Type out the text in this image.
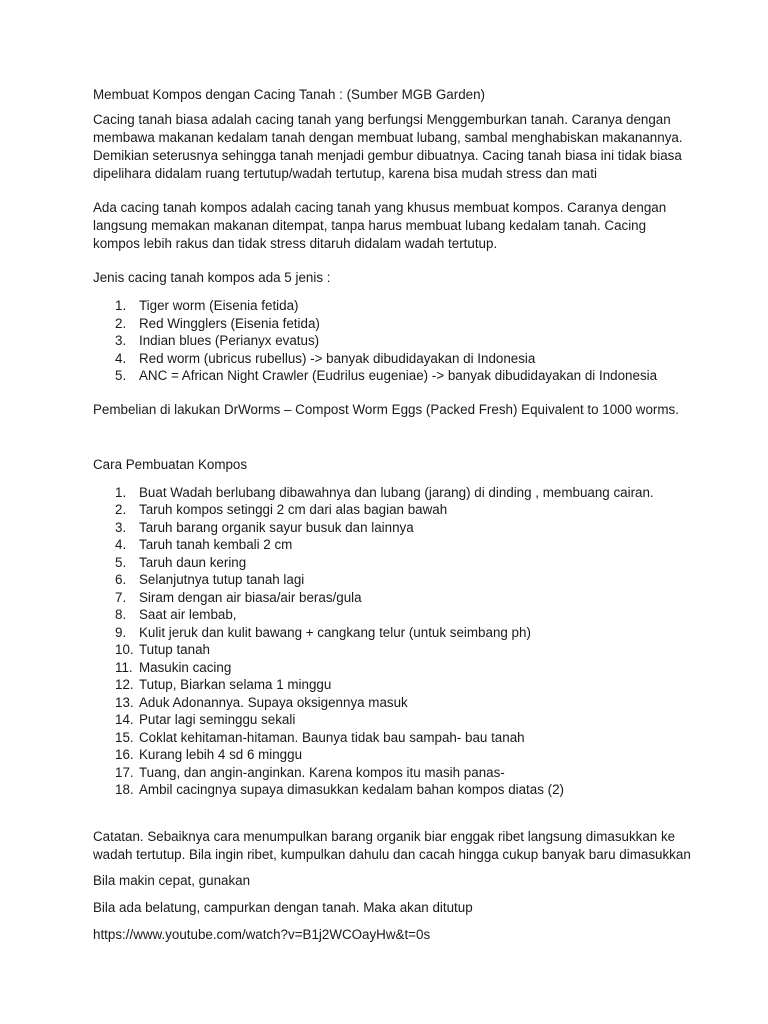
Membuat Kompos dengan Cacing Tanah : (Sumber MGB Garden)
Cacing tanah biasa adalah cacing tanah yang berfungsi Menggemburkan tanah. Caranya dengan
membawa makanan kedalam tanah dengan membuat lubang, sambal menghabiskan makanannya.
Demikian seterusnya sehingga tanah menjadi gembur dibuatnya. Cacing tanah biasa ini tidak biasa
dipelihara didalam ruang tertutup/wadah tertutup, karena bisa mudah stress dan mati
Ada cacing tanah kompos adalah cacing tanah yang khusus membuat kompos. Caranya dengan
langsung memakan makanan ditempat, tanpa harus membuat lubang kedalam tanah. Cacing
kompos lebih rakus dan tidak stress ditaruh didalam wadah tertutup.
Jenis cacing tanah kompos ada 5 jenis :
1. Tiger worm (Eisenia fetida)
2. Red Wingglers (Eisenia fetida)
3. Indian blues (Perianyx evatus)
4. Red worm (ubricus rubellus) -> banyak dibudidayakan di Indonesia
5. ANC = African Night Crawler (Eudrilus eugeniae) -> banyak dibudidayakan di Indonesia
Pembelian di lakukan DrWorms – Compost Worm Eggs (Packed Fresh) Equivalent to 1000 worms.
Cara Pembuatan Kompos
1. Buat Wadah berlubang dibawahnya dan lubang (jarang) di dinding , membuang cairan.
2. Taruh kompos setinggi 2 cm dari alas bagian bawah
3. Taruh barang organik sayur busuk dan lainnya
4. Taruh tanah kembali 2 cm
5. Taruh daun kering
6. Selanjutnya tutup tanah lagi
7. Siram dengan air biasa/air beras/gula
8. Saat air lembab,
9. Kulit jeruk dan kulit bawang + cangkang telur (untuk seimbang ph)
10. Tutup tanah
11. Masukin cacing
12. Tutup, Biarkan selama 1 minggu
13. Aduk Adonannya. Supaya oksigennya masuk
14. Putar lagi seminggu sekali
15. Coklat kehitaman-hitaman. Baunya tidak bau sampah- bau tanah
16. Kurang lebih 4 sd 6 minggu
17. Tuang, dan angin-anginkan. Karena kompos itu masih panas-
18. Ambil cacingnya supaya dimasukkan kedalam bahan kompos diatas (2)
Catatan. Sebaiknya cara menumpulkan barang organik biar enggak ribet langsung dimasukkan ke
wadah tertutup. Bila ingin ribet, kumpulkan dahulu dan cacah hingga cukup banyak baru dimasukkan
Bila makin cepat, gunakan
Bila ada belatung, campurkan dengan tanah. Maka akan ditutup
https://www.youtube.com/watch?v=B1j2WCOayHw&t=0s
